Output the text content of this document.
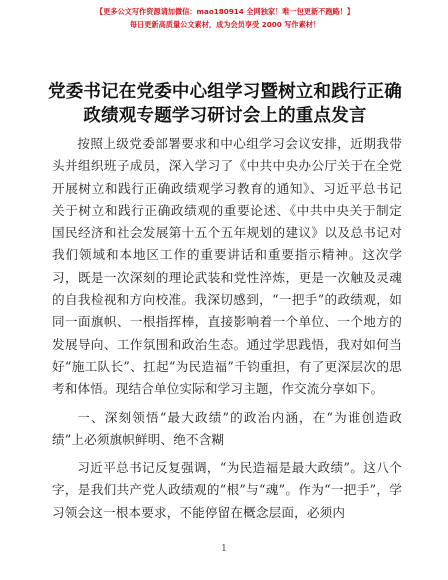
【更多公文写作资源请加微信：mao180914 全网独家！唯一包更新不跑路！】
每日更新高质量公文素材，成为会员享受 2000 写作素材！
党委书记在党委中心组学习暨树立和践行正确
政绩观专题学习研讨会上的重点发言

按照上级党委部署要求和中心组学习会议安排，近期我带头并组织班子成员，深入学习了《中共中央办公厅关于在全党开展树立和践行正确政绩观学习教育的通知》、习近平总书记关于树立和践行正确政绩观的重要论述、《中共中央关于制定国民经济和社会发展第十五个五年规划的建议》以及总书记对我们领域和本地区工作的重要讲话和重要指示精神。这次学习，既是一次深刻的理论武装和党性淬炼，更是一次触及灵魂的自我检视和方向校准。我深切感到，“一把手”的政绩观，如同一面旗帜、一根指挥棒，直接影响着一个单位、一个地方的发展导向、工作氛围和政治生态。通过学思践悟，我对如何当好“施工队长”、扛起“为民造福”千钧重担，有了更深层次的思考和体悟。现结合单位实际和学习主题，作交流分享如下。

一、深刻领悟“最大政绩”的政治内涵，在“为谁创造政绩”上必须旗帜鲜明、绝不含糊

习近平总书记反复强调，“为民造福是最大政绩”。这八个字，是我们共产党人政绩观的“根”与“魂”。作为“一把手”，学习领会这一根本要求，不能停留在概念层面，必须内

1
